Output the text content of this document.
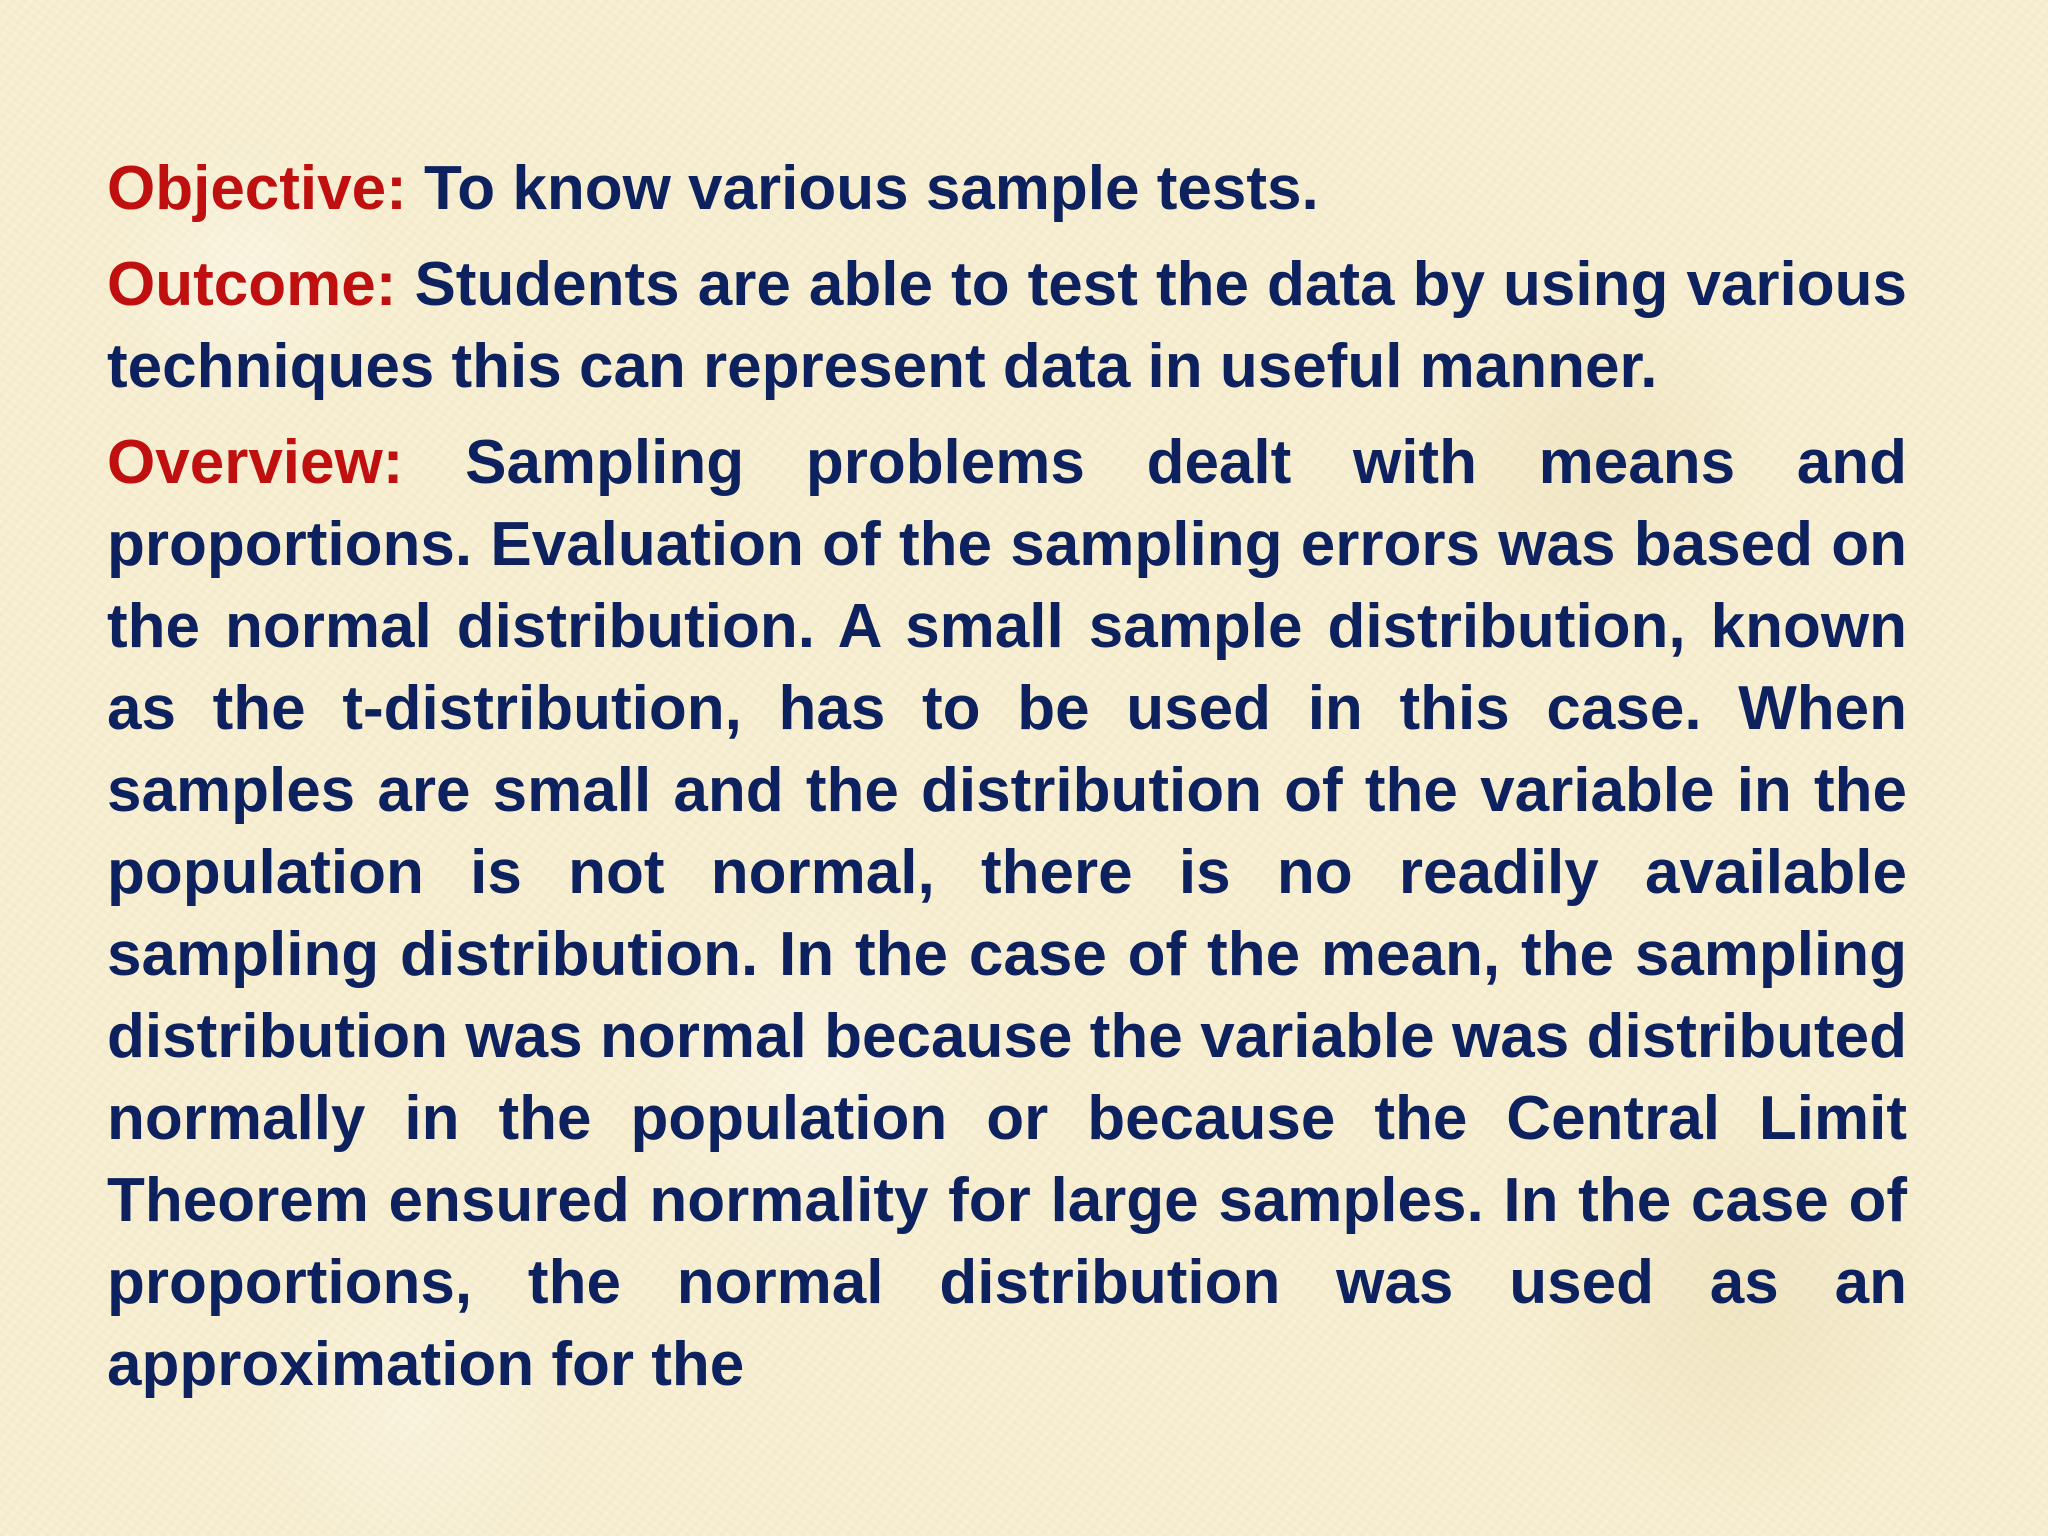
Objective: To know various sample tests.

Outcome: Students are able to test the data by using various techniques this can represent data in useful manner.

Overview: Sampling problems dealt with means and proportions. Evaluation of the sampling errors was based on the normal distribution. A small sample distribution, known as the t-distribution, has to be used in this case. When samples are small and the distribution of the variable in the population is not normal, there is no readily available sampling distribution. In the case of the mean, the sampling distribution was normal because the variable was distributed normally in the population or because the Central Limit Theorem ensured normality for large samples. In the case of proportions, the normal distribution was used as an approximation for the
